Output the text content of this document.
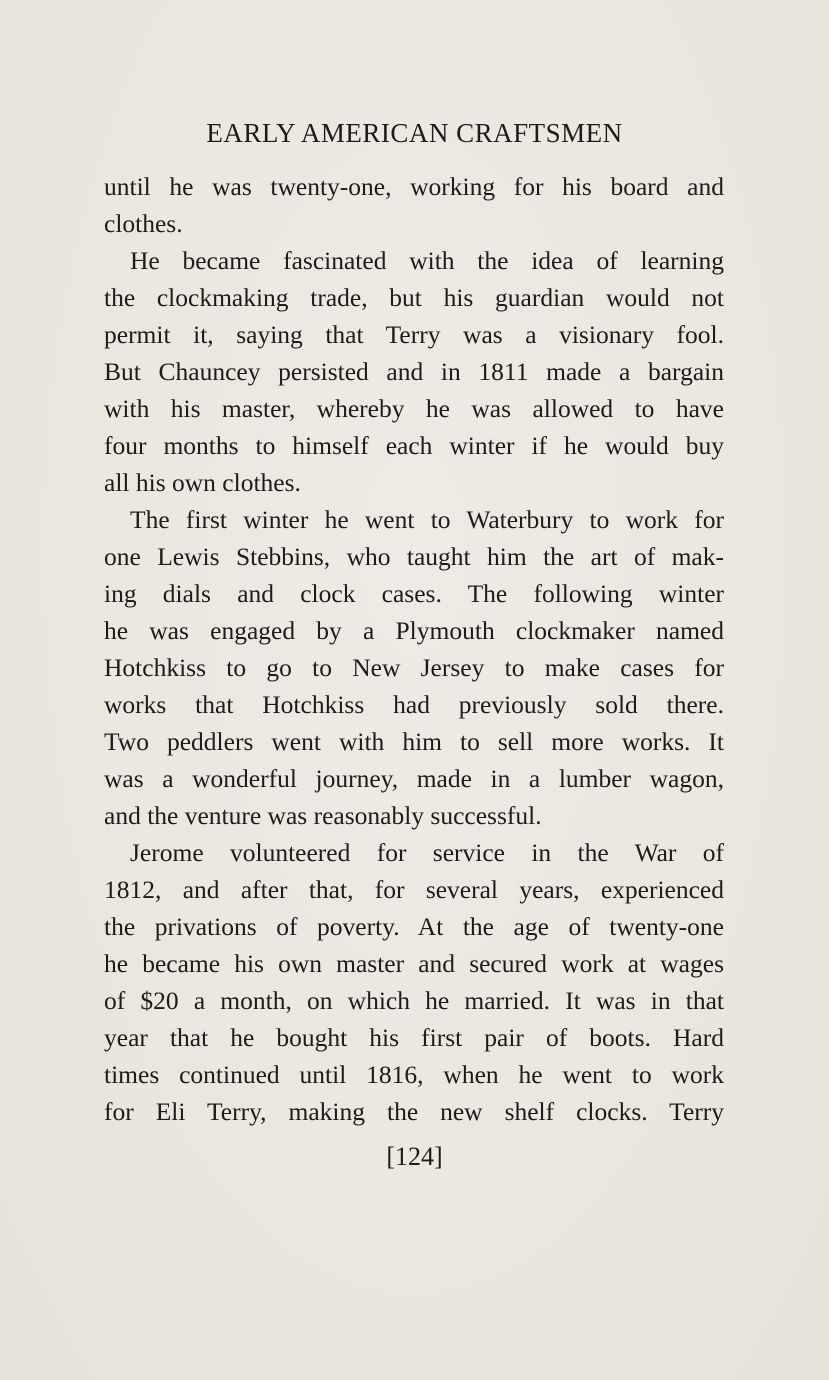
EARLY AMERICAN CRAFTSMEN
until he was twenty-one, working for his board and
clothes.
He became fascinated with the idea of learning
the clockmaking trade, but his guardian would not
permit it, saying that Terry was a visionary fool.
But Chauncey persisted and in 1811 made a bargain
with his master, whereby he was allowed to have
four months to himself each winter if he would buy
all his own clothes.
The first winter he went to Waterbury to work for
one Lewis Stebbins, who taught him the art of mak-
ing dials and clock cases. The following winter
he was engaged by a Plymouth clockmaker named
Hotchkiss to go to New Jersey to make cases for
works that Hotchkiss had previously sold there.
Two peddlers went with him to sell more works. It
was a wonderful journey, made in a lumber wagon,
and the venture was reasonably successful.
Jerome volunteered for service in the War of
1812, and after that, for several years, experienced
the privations of poverty. At the age of twenty-one
he became his own master and secured work at wages
of $20 a month, on which he married. It was in that
year that he bought his first pair of boots. Hard
times continued until 1816, when he went to work
for Eli Terry, making the new shelf clocks. Terry
[124]
